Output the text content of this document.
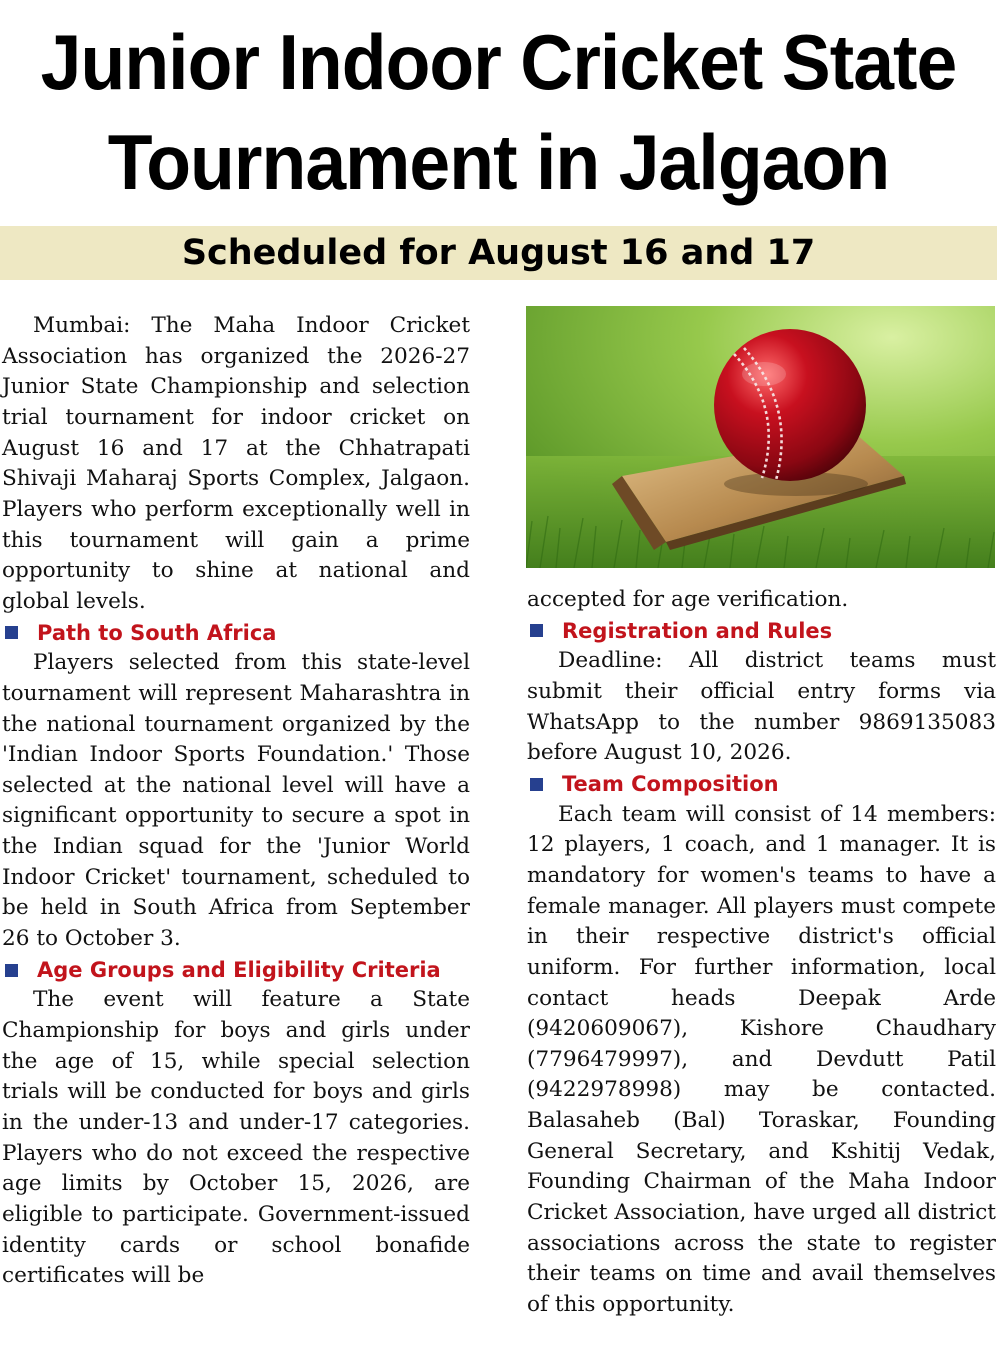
Junior Indoor Cricket State
Tournament in Jalgaon
Scheduled for August 16 and 17

Mumbai: The Maha Indoor Cricket Association has organized the 2026-27 Junior State Championship and selection trial tournament for indoor cricket on August 16 and 17 at the Chhatrapati Shivaji Maharaj Sports Complex, Jalgaon. Players who perform exceptionally well in this tournament will gain a prime opportunity to shine at national and global levels.

Path to South Africa

Players selected from this state-level tournament will represent Maharashtra in the national tournament organized by the 'Indian Indoor Sports Foundation.' Those selected at the national level will have a significant opportunity to secure a spot in the Indian squad for the 'Junior World Indoor Cricket' tournament, scheduled to be held in South Africa from September 26 to October 3.

Age Groups and Eligibility Criteria

The event will feature a State Championship for boys and girls under the age of 15, while special selection trials will be conducted for boys and girls in the under-13 and under-17 categories. Players who do not exceed the respective age limits by October 15, 2026, are eligible to participate. Government-issued identity cards or school bonafide certificates will be

accepted for age verification.

Registration and Rules

Deadline: All district teams must submit their official entry forms via WhatsApp to the number 9869135083 before August 10, 2026.

Team Composition

Each team will consist of 14 members: 12 players, 1 coach, and 1 manager. It is mandatory for women's teams to have a female manager. All players must compete in their respective district's official uniform. For further information, local contact heads Deepak Arde (9420609067), Kishore Chaudhary (7796479997), and Devdutt Patil (9422978998) may be contacted. Balasaheb (Bal) Toraskar, Founding General Secretary, and Kshitij Vedak, Founding Chairman of the Maha Indoor Cricket Association, have urged all district associations across the state to register their teams on time and avail themselves of this opportunity.
